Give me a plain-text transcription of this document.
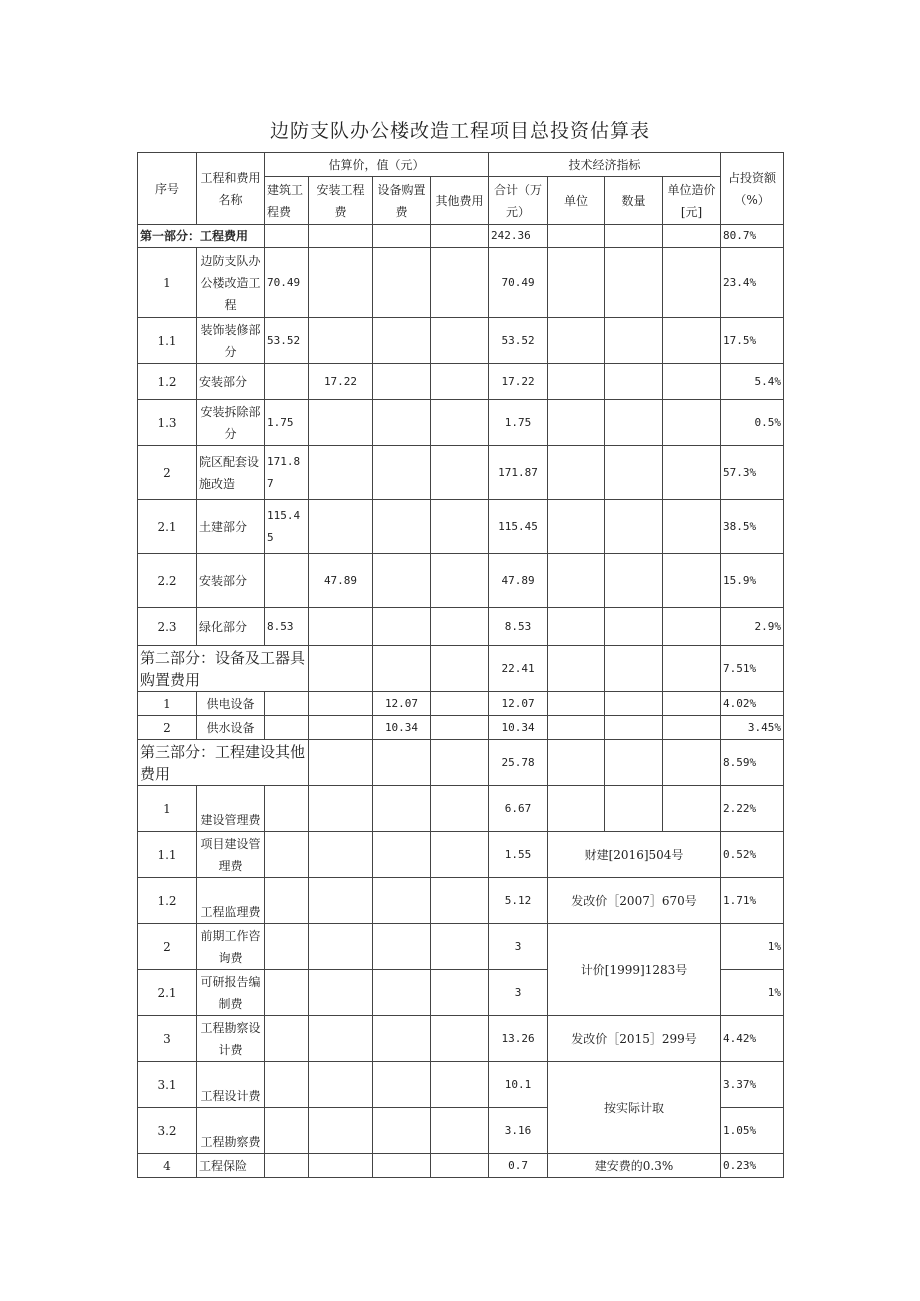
边防支队办公楼改造工程项目总投资估算表
序号	工程和费用名称	估算价，值（元）				技术经济指标				占投资额（%）
		建筑工程费	安装工程费	设备购置费	其他费用	合计（万元）	单位	数量	单位造价[元]	

第一部分：工程费用						242.36				80.7%
1	边防支队办公楼改造工程	70.49				70.49				23.4%
1.1	装饰装修部分	53.52				53.52				17.5%
1.2	安装部分		17.22			17.22				5.4%
1.3	安装拆除部分	1.75				1.75				0.5%
2	院区配套设施改造	171.87				171.87				57.3%
2.1	土建部分	115.45				115.45				38.5%
2.2	安装部分		47.89			47.89				15.9%
2.3	绿化部分	8.53				8.53				2.9%
第二部分：设备及工器具购置费用						22.41				7.51%
1	供电设备			12.07		12.07				4.02%
2	供水设备			10.34		10.34				3.45%
第三部分：工程建设其他费用						25.78				8.59%
1	建设管理费					6.67				2.22%
1.1	项目建设管理费					1.55	财建[2016]504号			0.52%
1.2	工程监理费					5.12	发改价［2007］670号			1.71%
2	前期工作咨询费					3	计价[1999]1283号			1%
2.1	可研报告编制费					3				1%
3	工程勘察设计费					13.26	发改价［2015］299号			4.42%
3.1	工程设计费					10.1	按实际计取			3.37%
3.2	工程勘察费					3.16				1.05%
4	工程保险					0.7	建安费的0.3%			0.23%
